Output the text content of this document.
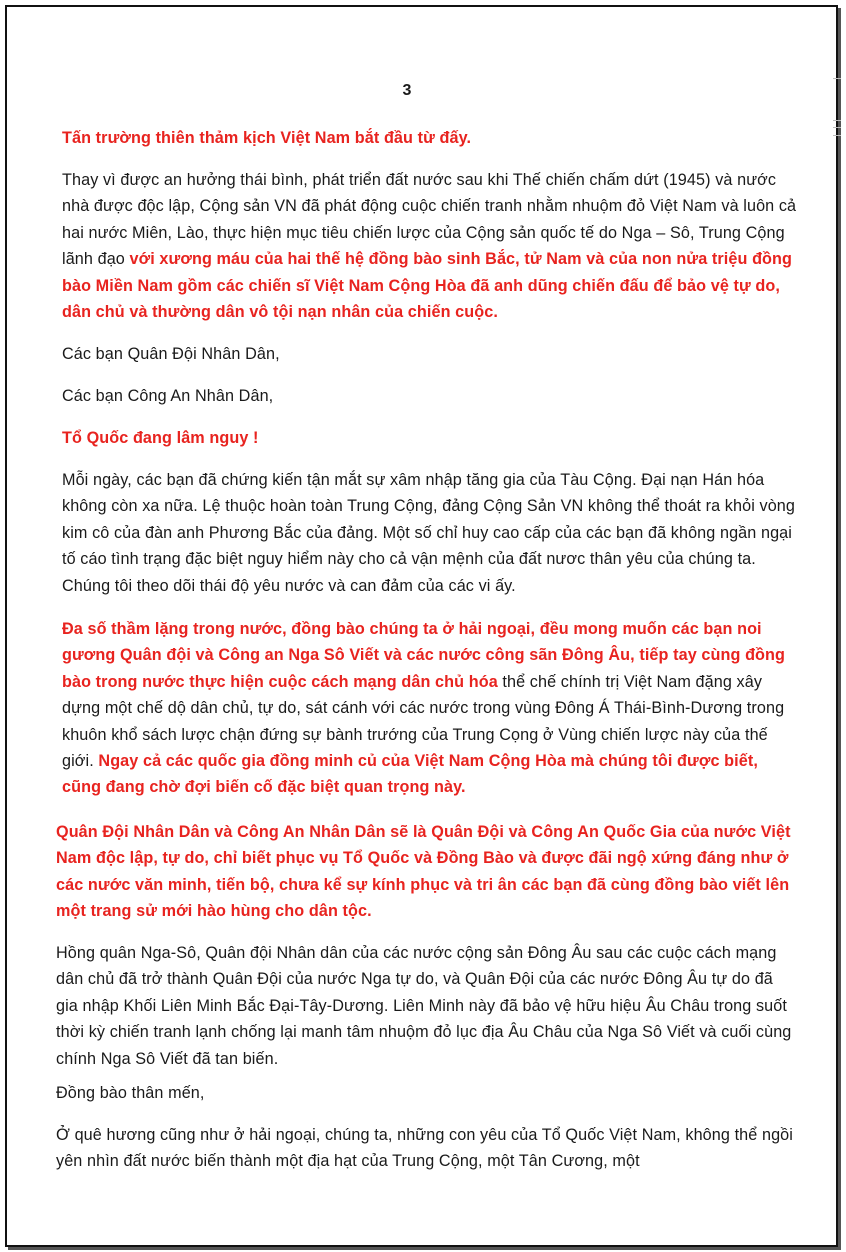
3

Tấn trường thiên thảm kịch Việt Nam bắt đầu từ đấy.

Thay vì được an hưởng thái bình, phát triển đất nước sau khi Thế chiến chấm dứt (1945) và nước nhà được độc lập, Cộng sản VN đã phát động cuộc chiến tranh nhằm nhuộm đỏ Việt Nam và luôn cả hai nước Miên, Lào, thực hiện mục tiêu chiến lược của Cộng sản quốc tế do Nga – Sô, Trung Cộng lãnh đạo với xương máu của hai thế hệ đồng bào sinh Bắc, tử Nam và của non nửa triệu đồng bào Miền Nam gồm các chiến sĩ Việt Nam Cộng Hòa đã anh dũng chiến đấu để bảo vệ tự do, dân chủ và thường dân vô tội nạn nhân của chiến cuộc.

Các bạn Quân Đội Nhân Dân,

Các bạn Công An Nhân Dân,

Tổ Quốc đang lâm nguy !

Mỗi ngày, các bạn đã chứng kiến tận mắt sự xâm nhập tăng gia của Tàu Cộng. Đại nạn Hán hóa không còn xa nữa. Lệ thuộc hoàn toàn Trung Cộng, đảng Cộng Sản VN không thể thoát ra khỏi vòng kim cô của đàn anh Phương Bắc của đảng. Một số chỉ huy cao cấp của các bạn đã không ngần ngại tố cáo tình trạng đặc biệt nguy hiểm này cho cả vận mệnh của đất nươc thân yêu của chúng ta. Chúng tôi theo dõi thái độ yêu nước và can đảm của các vi ấy.

Đa số thầm lặng trong nước, đồng bào chúng ta ở hải ngoại, đều mong muốn các bạn noi gương Quân đội và Công an Nga Sô Viết và các nước công sãn Đông Âu, tiếp tay cùng đồng bào trong nước thực hiện cuộc cách mạng dân chủ hóa thể chế chính trị Việt Nam đặng xây dựng một chế dộ dân chủ, tự do, sát cánh với các nước trong vùng Đông Á Thái-Bình-Dương trong khuôn khổ sách lược chận đứng sự bành trướng của Trung Cọng ở Vùng chiến lược này của thế giới. Ngay cả các quốc gia đồng minh củ của Việt Nam Cộng Hòa mà chúng tôi được biết, cũng đang chờ đợi biến cố đặc biệt quan trọng này.

Quân Đội Nhân Dân và Công An Nhân Dân sẽ là Quân Đội và Công An Quốc Gia của nước Việt Nam độc lập, tự do, chỉ biết phục vụ Tổ Quốc và Đồng Bào và được đãi ngộ xứng đáng như ở các nước văn minh, tiến bộ, chưa kể sự kính phục và tri ân các bạn đã cùng đồng bào viết lên một trang sử mới hào hùng cho dân tộc.

Hồng quân Nga-Sô, Quân đội Nhân dân của các nước cộng sản Đông Âu sau các cuộc cách mạng dân chủ đã trở thành Quân Đội của nước Nga tự do, và Quân Đội của các nước Đông Âu tự do đã gia nhập Khối Liên Minh Bắc Đại-Tây-Dương. Liên Minh này đã bảo vệ hữu hiệu Âu Châu trong suốt thời kỳ chiến tranh lạnh chống lại manh tâm nhuộm đỏ lục địa Âu Châu của Nga Sô Viết và cuối cùng chính Nga Sô Viết đã tan biến.

Đồng bào thân mến,

Ở quê hương cũng như ở hải ngoại, chúng ta, những con yêu của Tổ Quốc Việt Nam, không thể ngồi yên nhìn đất nước biến thành một địa hạt của Trung Cộng, một Tân Cương, một
